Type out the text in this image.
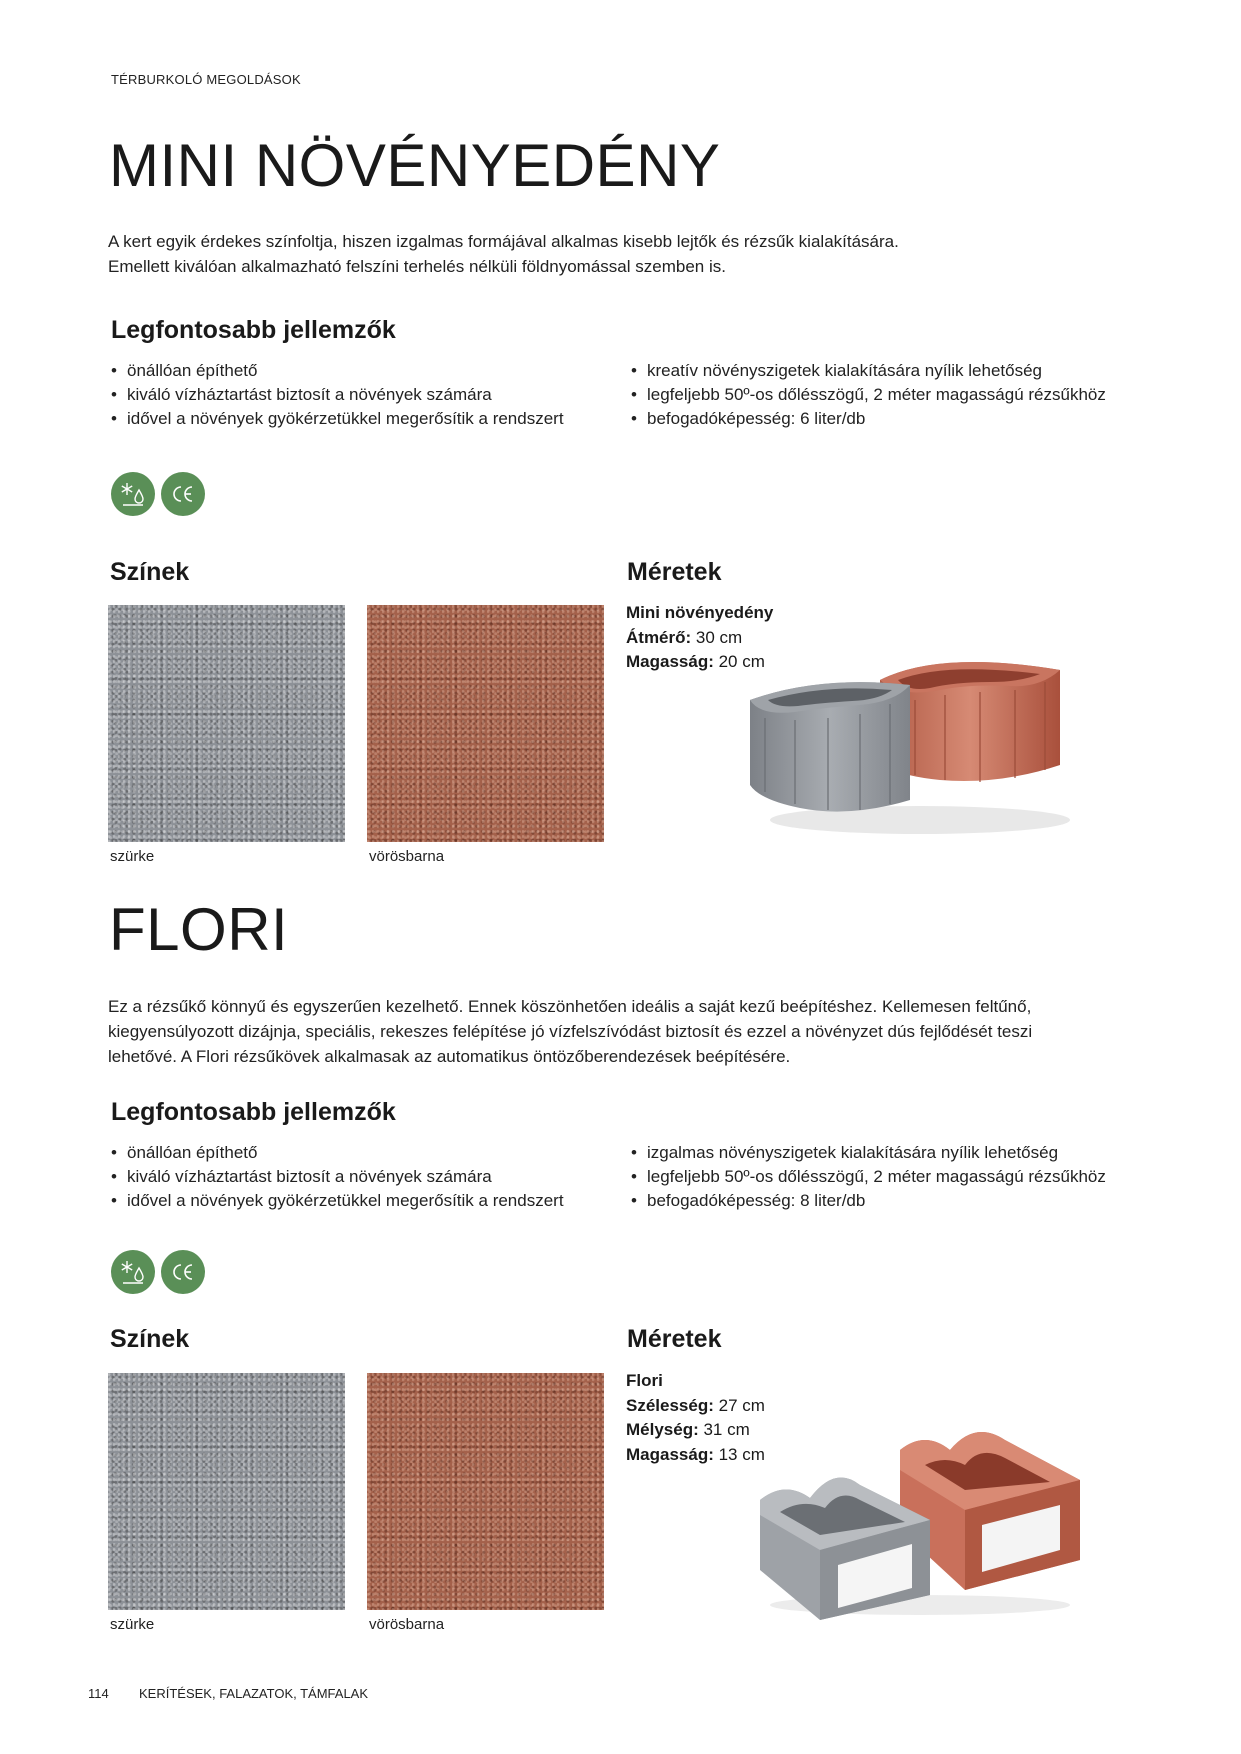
TÉRBURKOLÓ MEGOLDÁSOK
MINI NÖVÉNYEDÉNY
A kert egyik érdekes színfoltja, hiszen izgalmas formájával alkalmas kisebb lejtők és rézsűk kialakítására.
Emellett kiválóan alkalmazható felszíni terhelés nélküli földnyomással szemben is.
Legfontosabb jellemzők
• önállóan építhető
• kiváló vízháztartást biztosít a növények számára
• idővel a növények gyökérzetükkel megerősítik a rendszert
• kreatív növényszigetek kialakítására nyílik lehetőség
• legfeljebb 50º-os dőlésszögű, 2 méter magasságú rézsűkhöz
• befogadóképesség: 6 liter/db
Színek	Méretek
szürke	vörösbarna
Mini növényedény
Átmérő: 30 cm
Magasság: 20 cm
FLORI
Ez a rézsűkő könnyű és egyszerűen kezelhető. Ennek köszönhetően ideális a saját kezű beépítéshez. Kellemesen feltűnő,
kiegyensúlyozott dizájnja, speciális, rekeszes felépítése jó vízfelszívódást biztosít és ezzel a növényzet dús fejlődését teszi
lehetővé. A Flori rézsűkövek alkalmasak az automatikus öntözőberendezések beépítésére.
Legfontosabb jellemzők
• önállóan építhető
• kiváló vízháztartást biztosít a növények számára
• idővel a növények gyökérzetükkel megerősítik a rendszert
• izgalmas növényszigetek kialakítására nyílik lehetőség
• legfeljebb 50º-os dőlésszögű, 2 méter magasságú rézsűkhöz
• befogadóképesség: 8 liter/db
Színek	Méretek
szürke	vörösbarna
Flori
Szélesség: 27 cm
Mélység: 31 cm
Magasság: 13 cm
114 KERÍTÉSEK, FALAZATOK, TÁMFALAK
